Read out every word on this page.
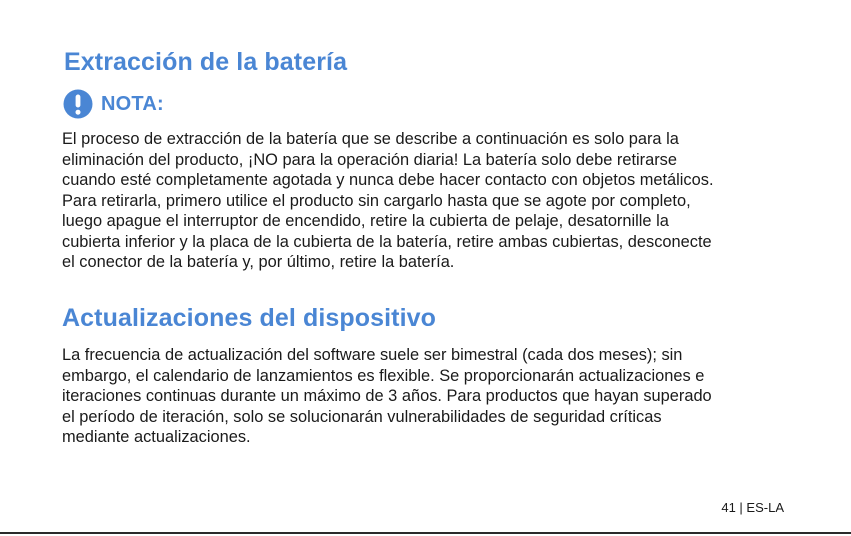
Extracción de la batería
NOTA:

El proceso de extracción de la batería que se describe a continuación es solo para la
eliminación del producto, ¡NO para la operación diaria! La batería solo debe retirarse
cuando esté completamente agotada y nunca debe hacer contacto con objetos metálicos.
Para retirarla, primero utilice el producto sin cargarlo hasta que se agote por completo,
luego apague el interruptor de encendido, retire la cubierta de pelaje, desatornille la
cubierta inferior y la placa de la cubierta de la batería, retire ambas cubiertas, desconecte
el conector de la batería y, por último, retire la batería.

Actualizaciones del dispositivo

La frecuencia de actualización del software suele ser bimestral (cada dos meses); sin
embargo, el calendario de lanzamientos es flexible. Se proporcionarán actualizaciones e
iteraciones continuas durante un máximo de 3 años. Para productos que hayan superado
el período de iteración, solo se solucionarán vulnerabilidades de seguridad críticas
mediante actualizaciones.

41 | ES-LA
